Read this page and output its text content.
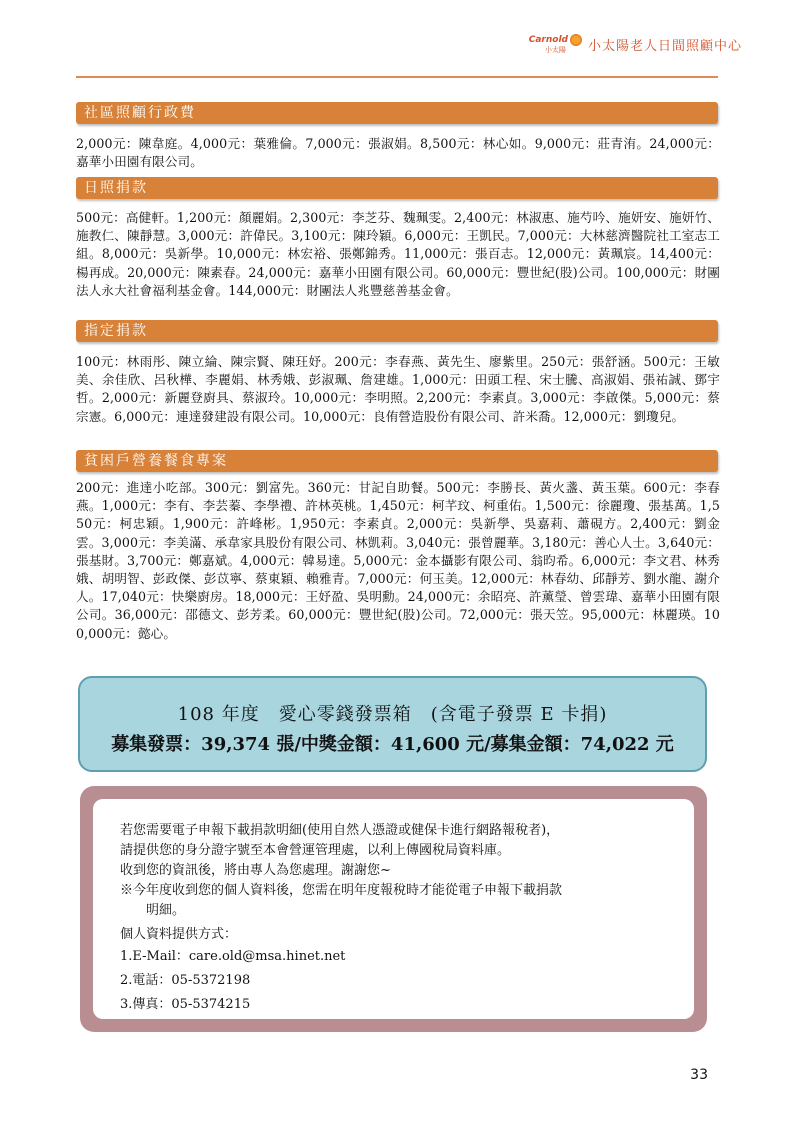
Carnold
小太陽 小太陽老人日間照顧中心
社區照顧行政費
2,000元：陳韋庭。4,000元：葉雅倫。7,000元：張淑娟。8,500元：林心如。9,000元：莊青洧。24,000元：嘉華小田園有限公司。
日照捐款
500元：高健軒。1,200元：顏麗娟。2,300元：李芝芬、魏珮雯。2,400元：林淑惠、施芍吟、施妍安、施妍竹、施教仁、陳靜慧。3,000元：許偉民。3,100元：陳玲穎。6,000元：王凱民。7,000元：大林慈濟醫院社工室志工組。8,000元：吳新學。10,000元：林宏裕、張鄭錦秀。11,000元：張百志。12,000元：黃珮宸。14,400元：楊再成。20,000元：陳素春。24,000元：嘉華小田園有限公司。60,000元：豐世紀(股)公司。100,000元：財團法人永大社會福利基金會。144,000元：財團法人兆豐慈善基金會。
指定捐款
100元：林雨彤、陳立綸、陳宗賢、陳玨妤。200元：李春燕、黃先生、廖紫里。250元：張舒涵。500元：王敏美、余佳欣、呂秋樺、李麗娟、林秀娥、彭淑珮、詹建雄。1,000元：田頭工程、宋士騰、高淑娟、張祐誠、鄧宇哲。2,000元：新麗登廚具、蔡淑玲。10,000元：李明照。2,200元：李素貞。3,000元：李啟傑。5,000元：蔡宗憲。6,000元：連達發建設有限公司。10,000元：良侑營造股份有限公司、許米喬。12,000元：劉瓊兒。
貧困戶營養餐食專案
200元：進達小吃部。300元：劉富先。360元：甘記自助餐。500元：李勝長、黃火盞、黃玉葉。600元：李春燕。1,000元：李有、李芸蓁、李學禮、許林英桃。1,450元：柯芊玟、柯重佑。1,500元：徐麗瓊、張基萬。1,550元：柯忠穎。1,900元：許峰彬。1,950元：李素貞。2,000元：吳新學、吳嘉莉、蕭硯方。2,400元：劉金雲。3,000元：李美滿、承韋家具股份有限公司、林凱莉。3,040元：張曾麗華。3,180元：善心人士。3,640元：張基財。3,700元：鄭嘉斌。4,000元：韓易達。5,000元：金本攝影有限公司、翁昀希。6,000元：李文君、林秀娥、胡明智、彭政傑、彭苡寧、蔡東穎、賴雅青。7,000元：何玉美。12,000元：林春幼、邱靜芳、劉水龍、謝介人。17,040元：快樂廚房。18,000元：王妤盈、吳明勳。24,000元：余昭亮、許薰瑩、曾雲瑋、嘉華小田園有限公司。36,000元：邵德文、彭芳柔。60,000元：豐世紀(股)公司。72,000元：張天笠。95,000元：林麗瑛。100,000元：懿心。
108 年度　愛心零錢發票箱　(含電子發票 E 卡捐)
募集發票：39,374 張/中獎金額：41,600 元/募集金額：74,022 元

若您需要電子申報下載捐款明細(使用自然人憑證或健保卡進行網路報稅者)，

請提供您的身分證字號至本會營運管理處，以利上傳國稅局資料庫。

收到您的資訊後，將由專人為您處理。謝謝您~

※今年度收到您的個人資料後，您需在明年度報稅時才能從電子申報下載捐款

明細。

個人資料提供方式：

1.E-Mail：care.old@msa.hinet.net

2.電話：05-5372198

3.傳真：05-5374215

33
